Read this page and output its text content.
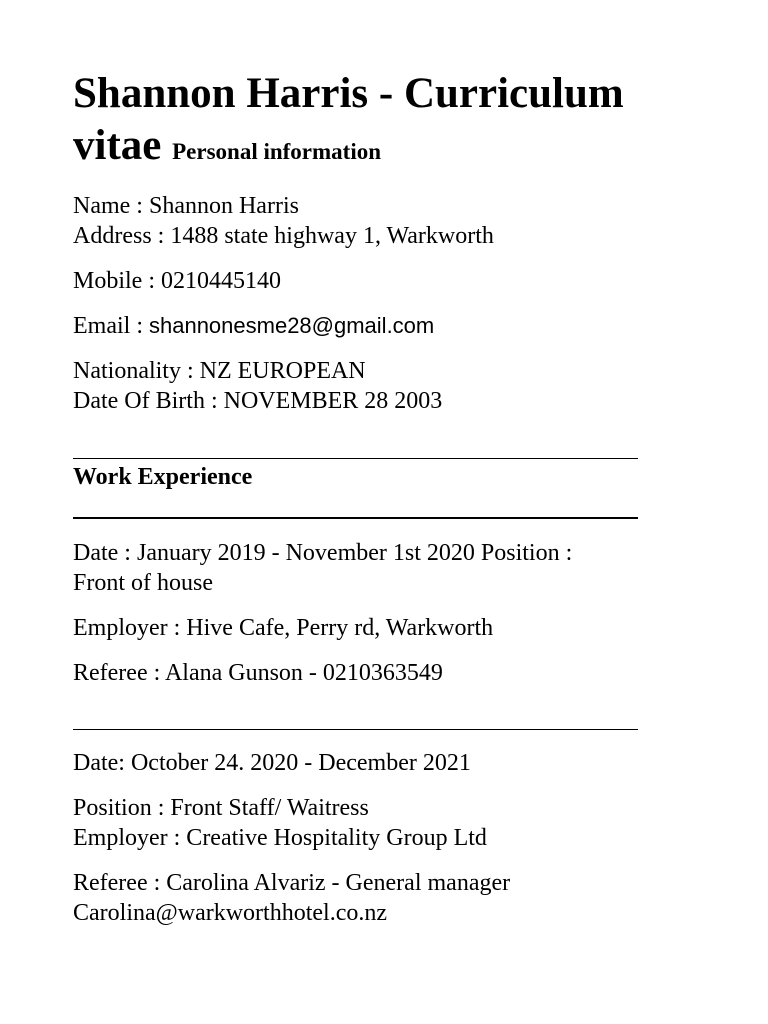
Shannon Harris - Curriculum vitae Personal information
Name : Shannon Harris
Address : 1488 state highway 1, Warkworth
Mobile : 0210445140
Email : shannonesme28@gmail.com
Nationality : NZ EUROPEAN
Date Of Birth : NOVEMBER 28 2003
Work Experience
Date : January 2019 - November 1st 2020 Position :
Front of house
Employer : Hive Cafe, Perry rd, Warkworth
Referee : Alana Gunson - 0210363549
Date: October 24. 2020 - December 2021
Position : Front Staff/ Waitress
Employer : Creative Hospitality Group Ltd
Referee : Carolina Alvariz - General manager
Carolina@warkworthhotel.co.nz
